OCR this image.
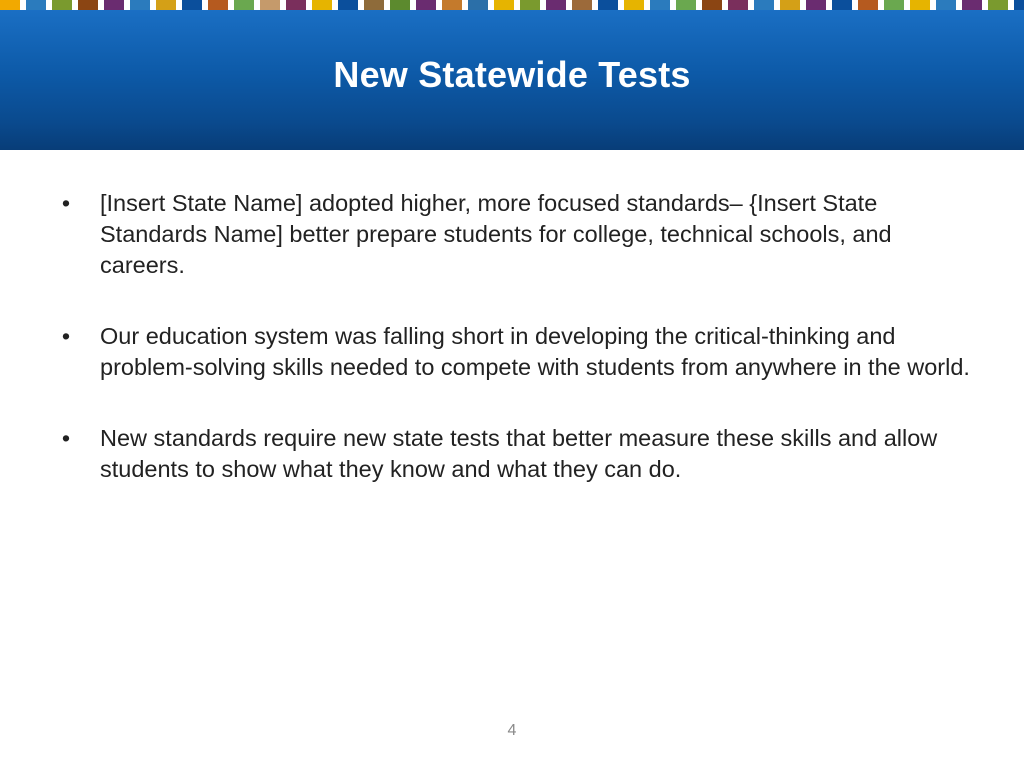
New Statewide Tests
• [Insert State Name] adopted higher, more focused standards– {Insert State Standards Name] better prepare students for college, technical schools, and careers.
• Our education system was falling short in developing the critical-thinking and problem-solving skills needed to compete with students from anywhere in the world.
• New standards require new state tests that better measure these skills and allow students to show what they know and what they can do.
4
